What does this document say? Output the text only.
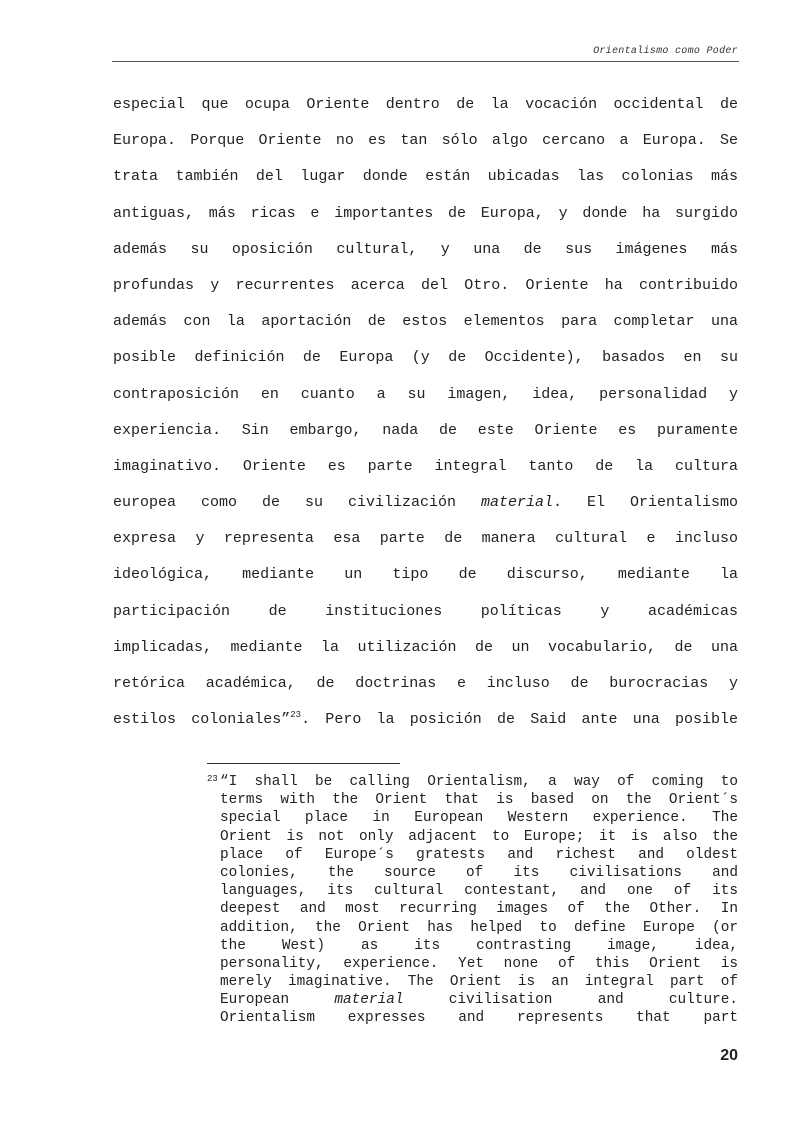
Orientalismo como Poder
especial que ocupa Oriente dentro de la vocación occidental de
Europa. Porque Oriente no es tan sólo algo cercano a Europa. Se
trata también del lugar donde están ubicadas las colonias más
antiguas, más ricas e importantes de Europa, y donde ha surgido
además su oposición cultural, y una de sus imágenes más
profundas y recurrentes acerca del Otro. Oriente ha contribuido
además con la aportación de estos elementos para completar una
posible definición de Europa (y de Occidente), basados en su
contraposición en cuanto a su imagen, idea, personalidad y
experiencia. Sin embargo, nada de este Oriente es puramente
imaginativo. Oriente es parte integral tanto de la cultura
europea como de su civilización material. El Orientalismo
expresa y representa esa parte de manera cultural e incluso
ideológica, mediante un tipo de discurso, mediante la
participación de instituciones políticas y académicas
implicadas, mediante la utilización de un vocabulario, de una
retórica académica, de doctrinas e incluso de burocracias y
estilos coloniales”$^{23}$. Pero la posición de Said ante una posible
23 “I shall be calling Orientalism, a way of coming to
terms with the Orient that is based on the Orient´s
special place in European Western experience. The
Orient is not only adjacent to Europe; it is also the
place of Europe´s gratests and richest and oldest
colonies, the source of its civilisations and
languages, its cultural contestant, and one of its
deepest and most recurring images of the Other. In
addition, the Orient has helped to define Europe (or
the West) as its contrasting image, idea,
personality, experience. Yet none of this Orient is
merely imaginative. The Orient is an integral part of
European	material	civilisation and culture.
Orientalism expresses and represents that part
20
